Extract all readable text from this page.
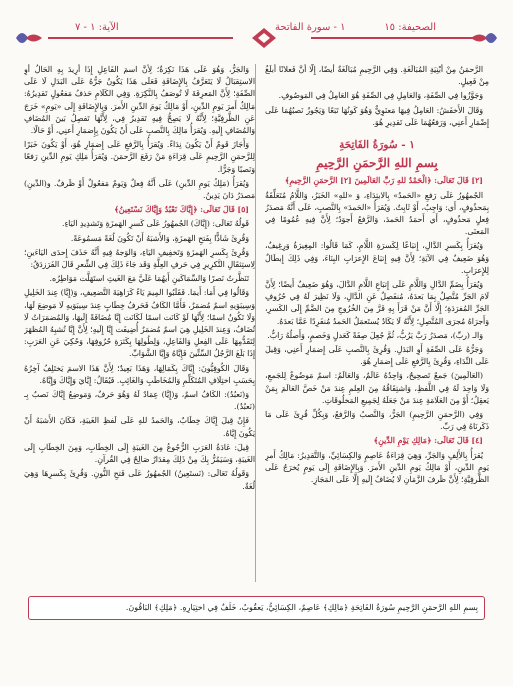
الآية: ١ - ٧	١ - سورة الفاتحة	الصحيفة: ١٥

الرَّحمَنُ مِنْ أَبْنِيَةِ المُبَالَغَةِ. وَفِي الرَّحِيمِ مُبَالَغَةٌ أَيضًا، إِلَّا أَنَّ فَعلانًا أَبلَغُ مِنْ فَعِيلٍ.

وَجَوَّزُوا فِي الصِّفَةِ، وَالعَامِلِ فِي الصِّفَةِ هُوَ العَامِلُ فِي المَوصُوفِ.

وَقَالَ الأَخفَشُ: العَامِلُ فِيهَا مَعنَوِيٌّ وَهُوَ كَونُهَا تَبَعًا وَيَجُوزُ نَصبُهُمَا عَلَى إِضْمَارِ أَعنِي، وَرَفعُهُمَا عَلَى تَقدِيرِ هُوَ.

١ - سُورَةُ الفَاتِحَةِ
بِسمِ اللهِ الرَّحمَنِ الرَّحِيمِ

[٢] قَالَ تَعَالَى: ﴿الْحَمْدُ للهِ رَبِّ العَالَمِينَ [٢] الرَّحمَنِ الرَّحِيمِ﴾

الجُمهُورُ عَلَى رَفعِ «الحَمدُ» بِالابتِدَاءِ، وَ «للهِ» الخَبَرُ، وَاللَّامُ مُتَعَلِّقَةٌ بِمَحذُوفٍ، أَي: وَاجِبٌ، أَوْ ثَابِتٌ. وَيُقرَأُ «الحَمدَ» بِالنَّصبِ، عَلَى أَنَّهُ مَصدَرُ فِعلٍ مَحذُوفٍ، أَي أَحمَدُ الحَمدَ، وَالرَّفعُ أَجوَدُ؛ لِأَنَّ فِيهِ عُمُومًا فِي المَعنَى.

وَيُقرَأُ بِكَسرِ الدَّالِ، إِتبَاعًا لِكَسرَةِ اللَّامِ، كَمَا قَالُوا: المِغِيرَةُ وَرِغِيفٌ، وَهُوَ ضَعِيفٌ فِي الآيَةِ؛ لِأَنَّ فِيهِ إِتبَاعَ الإِعرَابِ البِنَاءَ، وَفِي ذَلِكَ إِبطَالٌ لِلإِعرَابِ.

وَيُقرَأُ بِضَمِّ الدَّالِ وَاللَّامِ عَلَى إِتبَاعِ اللَّامِ الدَّالَ، وَهُوَ ضَعِيفٌ أَيضًا؛ لِأَنَّ لَامَ الجَرِّ مُتَّصِلٌ بِمَا بَعدَهُ، مُنفَصِلٌ عَنِ الدَّالِ، وَلَا نَظِيرَ لَهُ فِي حُرُوفِ الجَرِّ المُفرَدَةِ؛ إِلَّا أَنَّ مَنْ قَرَأَ بِهِ فَرَّ مِنَ الخُرُوجِ مِنَ الضَّمِّ إِلَى الكَسرِ، وَأَجرَاهُ مُجرَى المُتَّصِلِ؛ لِأَنَّهُ لَا يَكَادُ يُستَعمَلُ الحَمدُ مُنفَرِدًا عَمَّا بَعدَهُ.

وَالـ (ربِّ)، مَصدَرُ رَبَّ يَرُبُّ، ثُمَّ جُعِلَ صِفَةً كَعَدلٍ وَخَصمٍ، وَأَصلُهُ رَابٌّ.

وَجَرُّهُ عَلَى الصِّفَةِ أَوِ البَدَلِ. وَقُرِئَ بِالنَّصبِ عَلَى إِضمَارِ أَعنِي، وَقِيلَ عَلَى النِّدَاءِ، وَقُرِئَ بِالرَّفعِ عَلَى إِضمَارِ هُوَ.

(العَالَمِينَ) جَمعٌ تَصحِيحٌ، وَاحِدُهُ عَالَمٌ، وَالعَالَمُ: اسمٌ مَوضُوعٌ لِلجَمعِ، وَلَا وَاحِدَ لَهُ فِي اللَّفظِ، وَاشتِقَاقُهُ مِنَ العِلمِ عِندَ مَنْ خَصَّ العَالَمَ بِمَنْ يَعقِلُ؛ أَوْ مِنَ العَلَامَةِ عِندَ مَنْ جَعَلَهُ لِجَمِيعِ المَخلُوقَاتِ.

وَفِي (الرَّحمَنِ الرَّحِيمِ) الجَرُّ، وَالنَّصبُ وَالرَّفعُ، وَبِكُلِّ قُرِئَ عَلَى مَا ذَكَرنَاهُ فِي رَبِّ.

[٤] قَالَ تَعَالَى: ﴿مَالِكِ يَوْمِ الدِّينِ﴾

يُقرَأُ بِالأَلِفِ وَالجَرِّ، وَهِيَ قِرَاءَةُ عَاصِمٍ وَالكِسَائِيِّ، وَالتَّقدِيرُ: مَالِكُ أَمرِ يَومِ الدِّينِ، أَوْ مَالِكُ يَومِ الدِّينِ الأَمرَ. وَبِالإِضَافَةِ إِلَى يَومٍ يُخرَجُ عَلَى الظَّرفِيَّةِ؛ لِأَنَّ ظَرفَ الزَّمَانِ لَا يُضَافُ إِلَيهِ إِلَّا عَلَى المَجَازِ.

وَالجَرُّ، وَهُوَ عَلَى هَذَا نَكِرَةٌ؛ لِأَنَّ اسمَ الفَاعِلِ إِذَا أُرِيدَ بِهِ الحَالُ أَوِ الاستِقبَالُ لَا يَتَعَرَّفُ بِالإِضَافَةِ فَعَلَى هَذَا يَكُونُ جَرُّهُ عَلَى البَدَلِ لَا عَلَى الصِّفَةِ؛ لِأَنَّ المَعرِفَةَ لَا تُوصَفُ بِالنَّكِرَةِ. وَفِي الكَلَامِ حَذفُ مَفعُولٍ تَقدِيرُهُ: مَالِكٌ أَمرَ يَومِ الدِّينِ، أَوْ مَالِكٌ يَومَ الدِّينِ الأَمرَ. وَبِالإِضَافَةِ إِلَى «يَومِ» خَرَجَ عَنِ الظَّرفِيَّةِ؛ لِأَنَّهُ لَا يَصِحُّ فِيهِ تَقدِيرُ فِي، لِأَنَّهَا تَفصِلُ بَينَ المُضَافِ وَالمُضَافِ إِلَيهِ. وَيُقرَأُ مَالِكَ بِالنَّصبِ عَلَى أَنْ يَكُونَ بِإِضمَارِ أَعنِي، أَوْ حَالًا.

وَأَجَازَ قَومٌ أَنْ يَكُونَ نِدَاءً. وَيُقرَأُ بِالرَّفعِ عَلَى إِضمَارِ هُوَ، أَوْ يَكُونَ خَبَرًا لِلرَّحمَنِ الرَّحِيمِ عَلَى قِرَاءَةِ مَنْ رَفَعَ الرَّحمَنَ. وَيُقرَأُ مَلِكِ يَومِ الدِّينِ رَفعًا وَنَصبًا وَجَرًّا.

وَيُقرَأُ (مَلِكُ يَومِ الدِّينِ) عَلَى أَنَّهُ فِعلٌ وَيَومٌ مَفعُولٌ أَوْ ظَرفٌ. و(الدِّينِ) مَصدَرُ دَانَ يَدِينُ.

[٥] قَالَ تَعَالَى: ﴿إِيَّاكَ نَعْبُدُ وَإِيَّاكَ نَسْتَعِينُ﴾

قَولُهُ تَعَالَى: (إِيَّاكَ) الجُمهُورُ عَلَى كَسرِ الهَمزَةِ وَتَشدِيدِ اليَاءِ.

وَقُرِئَ شَاذًّا بِفَتحِ الهَمزَةِ، وَالأَشبَهُ أَنْ تَكُونَ لُغَةً مَسمُوعَةً.

وَقُرِئَ بِكَسرِ الهَمزَةِ وَتَخفِيفِ اليَاءِ، وَالوَجهُ فِيهِ أَنَّهُ حَذَفَ إِحدَى اليَاءَينِ؛ لِاستِثقَالِ التَّكرِيرِ فِي حَرفِ العِلَّةِ وَقَد جَاءَ ذَلِكَ فِي الشِّعرِ قَالَ الفَرَزدَقُ:

تَنَظَّرتُ نَصرًا وَالسِّمَاكَينِ أَيهُمَا عَلَيَّ مَعَ الغَيثِ استَهَلَّت مَوَاطِرُه.

وَقَالُوا فِي أَمَا: أَيمَا. فَقَلَبُوا المِيمَ يَاءً كَرَاهِيَةَ التَّضعِيفِ، وَ(إِيَّا) عِندَ الخَلِيلِ وَسِيبَوَيهِ اسمٌ مُضمَرٌ، فَأَمَّا الكَافُ فَحَرفُ خِطَابٍ عِندَ سِيبَوَيهِ لَا مَوضِعَ لَهَا، وَلَا تَكُونُ اسمًا؛ لِأَنَّهَا لَوْ كَانَت اسمًا لَكَانَت إِيَّا مُضَافَةً إِلَيهَا، وَالمُضمَرَاتُ لَا تُضَافُ، وَعِندَ الخَلِيلِ هِيَ اسمٌ مُضمَرٌ أُضِيفَت إِيَّا إِلَيهِ؛ لِأَنَّ إِيَّا تُشبِهُ المُظهَرَ لِتَقَدُّمِهَا عَلَى الفِعلِ وَالفَاعِلِ، وَلِطُولِهَا بِكَثرَةِ حُرُوفِهَا، وَحُكِيَ عَنِ العَرَبِ: إِذَا بَلَغَ الرَّجُلُ السِّتِّينَ فَإِيَّاهُ وَإِيَّا الشَّوَابِّ.

وَقَالَ الكُوفِيُّونَ: إِيَّاكَ بِكَمَالِهَا، وَهَذَا بَعِيدٌ؛ لِأَنَّ هَذَا الاسمَ يَختَلِفُ آخِرُهُ بِحَسَبِ اختِلَافِ المُتَكَلِّمِ وَالمُخَاطَبِ وَالغَائِبِ. فَيُقَالُ: إِيَّايَ وَإِيَّاكَ وَإِيَّاهُ.

وَ(نَعبُدُ): الكَافُ اسمٌ، وَ(إِيَّا) عِمَادٌ لَهُ وَهُوَ حَرفٌ، وَمَوضِعُ إِيَّاكَ نَصبٌ بِـ (نَعبُدُ).

فَإِنْ قِيلَ إِيَّاكَ خِطَابٌ، وَالحَمدُ للهِ عَلَى لَفظِ الغَيبَةِ، فَكَانَ الأَشبَهُ أَنْ يَكُونَ إِيَّاهُ.

قِيلَ: عَادَةُ العَرَبِ الرُّجُوعُ مِنَ الغَيبَةِ إِلَى الخِطَابِ، وَمِنَ الخِطَابِ إِلَى الغَيبَةِ، وَسَيَمُرُّ بِكَ مِنْ ذَلِكَ مِقدَارٌ صَالِحٌ فِي القُرآنِ.

وَقَولُهُ تَعَالَى: (نَستَعِينُ) الجُمهُورُ عَلَى فَتحِ النُّونِ. وَقُرِئَ بِكَسرِهَا وَهِيَ لُغَةٌ.

بِسمِ اللهِ الرَّحمَنِ الرَّحِيمِ سُورَةُ الفَاتِحَةِ ﴿مَالِكِ﴾ عَاصِمٌ، الكِسَائِيُّ، يَعقُوبُ، خَلَفٌ فِي اختِيَارِهِ. ﴿مَلِكِ﴾ البَاقُونَ.
